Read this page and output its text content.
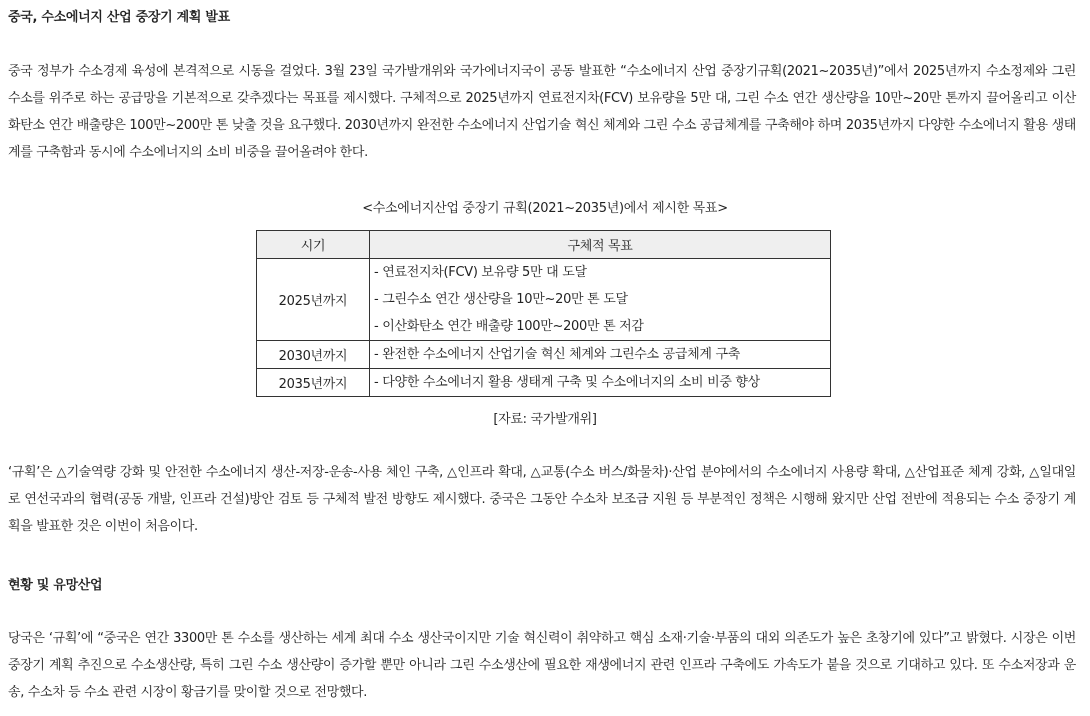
중국, 수소에너지 산업 중장기 계획 발표

중국 정부가 수소경제 육성에 본격적으로 시동을 걸었다. 3월 23일 국가발개위와 국가에너지국이 공동 발표한 “수소에너지 산업 중장기규획(2021~2035년)”에서 2025년까지 수소정제와 그린 수소를 위주로 하는 공급망을 기본적으로 갖추겠다는 목표를 제시했다. 구체적으로 2025년까지 연료전지차(FCV) 보유량을 5만 대, 그린 수소 연간 생산량을 10만~20만 톤까지 끌어올리고 이산화탄소 연간 배출량은 100만~200만 톤 낮출 것을 요구했다. 2030년까지 완전한 수소에너지 산업기술 혁신 체계와 그린 수소 공급체계를 구축해야 하며 2035년까지 다양한 수소에너지 활용 생태계를 구축함과 동시에 수소에너지의 소비 비중을 끌어올려야 한다.

<수소에너지산업 중장기 규획(2021~2035년)에서 제시한 목표>
시기	구체적 목표
2025년까지	- 연료전지차(FCV) 보유량 5만 대 도달
- 그린수소 연간 생산량을 10만~20만 톤 도달
- 이산화탄소 연간 배출량 100만~200만 톤 저감

2030년까지	- 완전한 수소에너지 산업기술 혁신 체계와 그린수소 공급체계 구축

2035년까지	- 다양한 수소에너지 활용 생태계 구축 및 수소에너지의 소비 비중 향상
[자료: 국가발개위]

‘규획’은 △기술역량 강화 및 안전한 수소에너지 생산-저장-운송-사용 체인 구축, △인프라 확대, △교통(수소 버스/화물차)·산업 분야에서의 수소에너지 사용량 확대, △산업표준 체계 강화, △일대일로 연선국과의 협력(공동 개발, 인프라 건설)방안 검토 등 구체적 발전 방향도 제시했다. 중국은 그동안 수소차 보조금 지원 등 부분적인 정책은 시행해 왔지만 산업 전반에 적용되는 수소 중장기 계획을 발표한 것은 이번이 처음이다.

현황 및 유망산업

당국은 ‘규획’에 “중국은 연간 3300만 톤 수소를 생산하는 세계 최대 수소 생산국이지만 기술 혁신력이 취약하고 핵심 소재·기술·부품의 대외 의존도가 높은 초창기에 있다”고 밝혔다. 시장은 이번 중장기 계획 추진으로 수소생산량, 특히 그린 수소 생산량이 증가할 뿐만 아니라 그린 수소생산에 필요한 재생에너지 관련 인프라 구축에도 가속도가 붙을 것으로 기대하고 있다. 또 수소저장과 운송, 수소차 등 수소 관련 시장이 황금기를 맞이할 것으로 전망했다.
